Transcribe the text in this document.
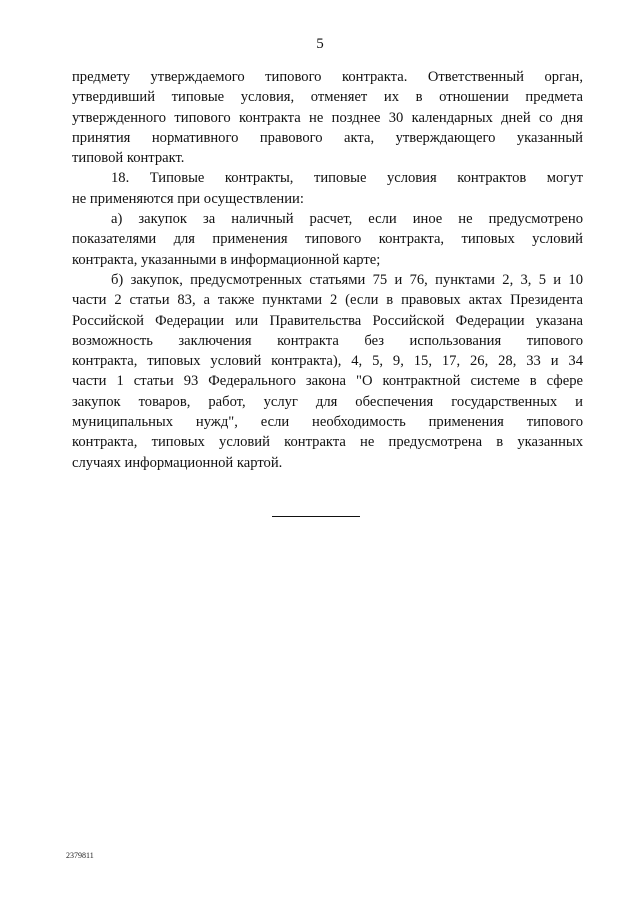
5
предмету утверждаемого типового контракта. Ответственный орган,
утвердивший типовые условия, отменяет их в отношении предмета
утвержденного типового контракта не позднее 30 календарных дней со дня
принятия нормативного правового акта, утверждающего указанный
типовой контракт.
18. Типовые контракты, типовые условия контрактов могут
не применяются при осуществлении:
а) закупок за наличный расчет, если иное не предусмотрено
показателями для применения типового контракта, типовых условий
контракта, указанными в информационной карте;
б) закупок, предусмотренных статьями 75 и 76, пунктами 2, 3, 5 и 10
части 2 статьи 83, а также пунктами 2 (если в правовых актах Президента
Российской Федерации или Правительства Российской Федерации указана
возможность заключения контракта без использования типового
контракта, типовых условий контракта), 4, 5, 9, 15, 17, 26, 28, 33 и 34
части 1 статьи 93 Федерального закона "О контрактной системе в сфере
закупок товаров, работ, услуг для обеспечения государственных и
муниципальных нужд", если необходимость применения типового
контракта, типовых условий контракта не предусмотрена в указанных
случаях информационной картой.
2379811
